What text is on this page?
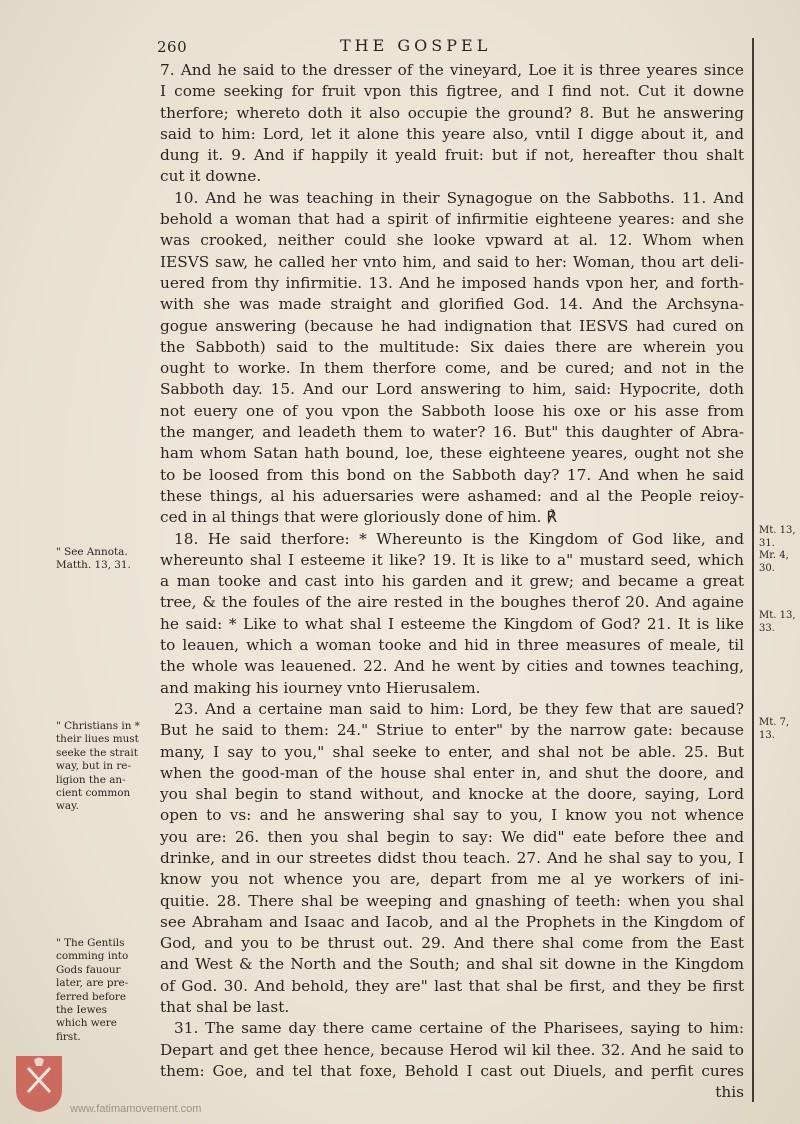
260	THE GOSPEL
7. And he said to the dresser of the vineyard, Loe it is three yeares since
I come seeking for fruit vpon this figtree, and I find not. Cut it downe
therfore; whereto doth it also occupie the ground? 8. But he answering
said to him: Lord, let it alone this yeare also, vntil I digge about it, and
dung it. 9. And if happily it yeald fruit: but if not, hereafter thou shalt
cut it downe.
10. And he was teaching in their Synagogue on the Sabboths. 11. And
behold a woman that had a spirit of infirmitie eighteene yeares: and she
was crooked, neither could she looke vpward at al. 12. Whom when
IESVS saw, he called her vnto him, and said to her: Woman, thou art deli-
uered from thy infirmitie. 13. And he imposed hands vpon her, and forth-
with she was made straight and glorified God. 14. And the Archsyna-
gogue answering (because he had indignation that IESVS had cured on
the Sabboth) said to the multitude: Six daies there are wherein you
ought to worke. In them therfore come, and be cured; and not in the
Sabboth day. 15. And our Lord answering to him, said: Hypocrite, doth
not euery one of you vpon the Sabboth loose his oxe or his asse from
the manger, and leadeth them to water? 16. But" this daughter of Abra-
ham whom Satan hath bound, loe, these eighteene yeares, ought not she
to be loosed from this bond on the Sabboth day? 17. And when he said
these things, al his aduersaries were ashamed: and al the People reioy-
ced in al things that were gloriously done of him. ℟
18. He said therfore: * Whereunto is the Kingdom of God like, and
whereunto shal I esteeme it like? 19. It is like to a" mustard seed, which
a man tooke and cast into his garden and it grew; and became a great
tree, & the foules of the aire rested in the boughes therof 20. And againe
he said: * Like to what shal I esteeme the Kingdom of God? 21. It is like
to leauen, which a woman tooke and hid in three measures of meale, til
the whole was leauened. 22. And he went by cities and townes teaching,
and making his iourney vnto Hierusalem.
23. And a certaine man said to him: Lord, be they few that are saued?
But he said to them: 24." Striue to enter" by the narrow gate: because
many, I say to you," shal seeke to enter, and shal not be able. 25. But
when the good-man of the house shal enter in, and shut the doore, and
you shal begin to stand without, and knocke at the doore, saying, Lord
open to vs: and he answering shal say to you, I know you not whence
you are: 26. then you shal begin to say: We did" eate before thee and
drinke, and in our streetes didst thou teach. 27. And he shal say to you, I
know you not whence you are, depart from me al ye workers of ini-
quitie. 28. There shal be weeping and gnashing of teeth: when you shal
see Abraham and Isaac and Iacob, and al the Prophets in the Kingdom of
God, and you to be thrust out. 29. And there shal come from the East
and West & the North and the South; and shal sit downe in the Kingdom
of God. 30. And behold, they are" last that shal be first, and they be first
that shal be last.
31. The same day there came certaine of the Pharisees, saying to him:
Depart and get thee hence, because Herod wil kil thee. 32. And he said to
them: Goe, and tel that foxe, Behold I cast out Diuels, and perfit cures
this
" See Annota.
Matth. 13, 31.
" Christians in *
their liues must
seeke the strait
way, but in re-
ligion the an-
cient common
way.
" The Gentils
comming into
Gods fauour
later, are pre-
ferred before
the Iewes
which were
first.
Mt. 13,
31.
Mr. 4,
30.
Mt. 13,
33.
Mt. 7,
13.
www.fatimamovement.com
